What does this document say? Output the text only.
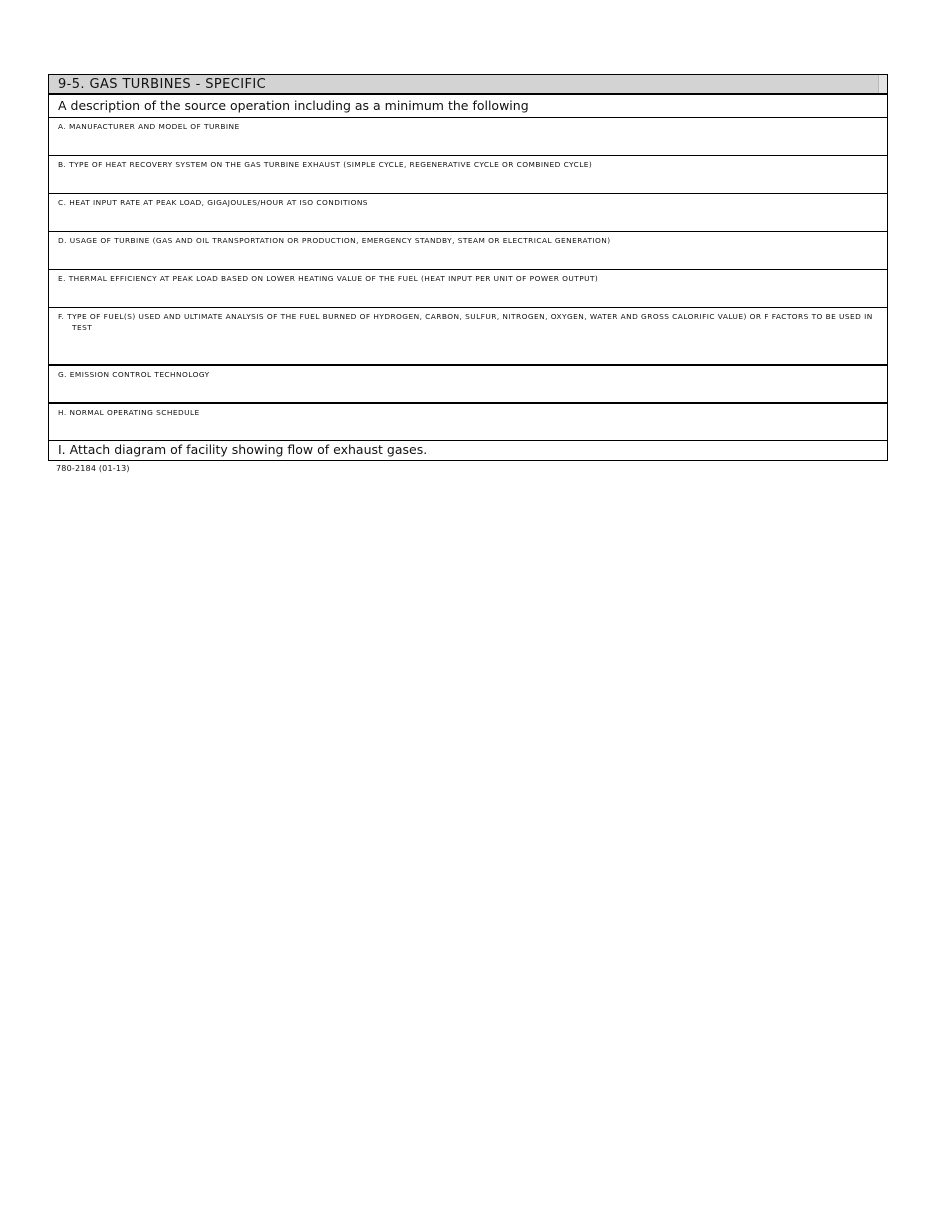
9-5. GAS TURBINES - SPECIFIC
A description of the source operation including as a minimum the following
A. MANUFACTURER AND MODEL OF TURBINE
B. TYPE OF HEAT RECOVERY SYSTEM ON THE GAS TURBINE EXHAUST (SIMPLE CYCLE, REGENERATIVE CYCLE OR COMBINED CYCLE)
C. HEAT INPUT RATE AT PEAK LOAD, GIGAJOULES/HOUR AT ISO CONDITIONS
D. USAGE OF TURBINE (GAS AND OIL TRANSPORTATION OR PRODUCTION, EMERGENCY STANDBY, STEAM OR ELECTRICAL GENERATION)
E. THERMAL EFFICIENCY AT PEAK LOAD BASED ON LOWER HEATING VALUE OF THE FUEL (HEAT INPUT PER UNIT OF POWER OUTPUT)
F. TYPE OF FUEL(S) USED AND ULTIMATE ANALYSIS OF THE FUEL BURNED OF HYDROGEN, CARBON, SULFUR, NITROGEN, OXYGEN, WATER AND GROSS CALORIFIC VALUE) OR F FACTORS TO BE USED IN TEST
G. EMISSION CONTROL TECHNOLOGY
H. NORMAL OPERATING SCHEDULE
I. Attach diagram of facility showing flow of exhaust gases.
780-2184 (01-13)
